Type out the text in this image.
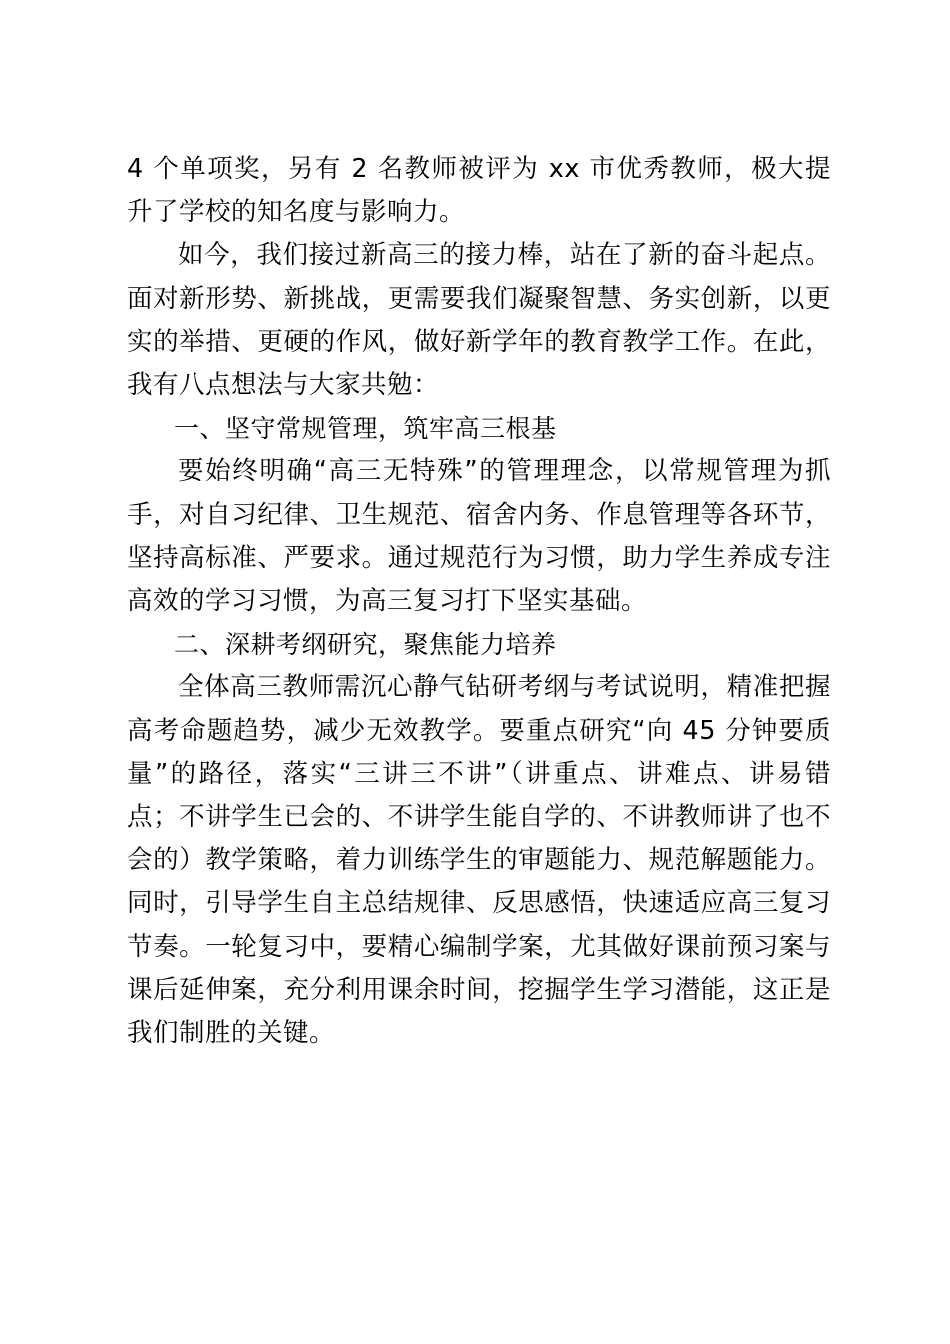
4 个单项奖，另有 2 名教师被评为 xx 市优秀教师，极大提升了学校的知名度与影响力。

如今，我们接过新高三的接力棒，站在了新的奋斗起点。面对新形势、新挑战，更需要我们凝聚智慧、务实创新，以更实的举措、更硬的作风，做好新学年的教育教学工作。在此，我有八点想法与大家共勉：

一、坚守常规管理，筑牢高三根基

要始终明确“高三无特殊”的管理理念，以常规管理为抓手，对自习纪律、卫生规范、宿舍内务、作息管理等各环节，坚持高标准、严要求。通过规范行为习惯，助力学生养成专注高效的学习习惯，为高三复习打下坚实基础。

二、深耕考纲研究，聚焦能力培养

全体高三教师需沉心静气钻研考纲与考试说明，精准把握高考命题趋势，减少无效教学。要重点研究“向 45 分钟要质量”的路径，落实“三讲三不讲”（讲重点、讲难点、讲易错点；不讲学生已会的、不讲学生能自学的、不讲教师讲了也不会的）教学策略，着力训练学生的审题能力、规范解题能力。同时，引导学生自主总结规律、反思感悟，快速适应高三复习节奏。一轮复习中，要精心编制学案，尤其做好课前预习案与课后延伸案，充分利用课余时间，挖掘学生学习潜能，这正是我们制胜的关键。
